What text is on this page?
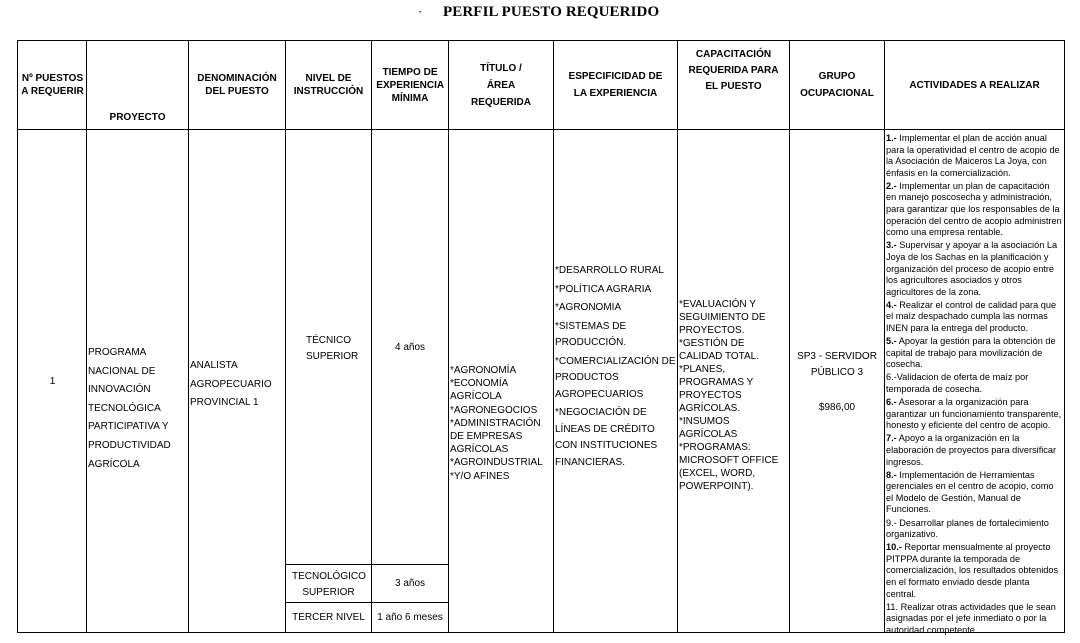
· PERFIL PUESTO REQUERIDO
Nº PUESTOS A REQUERIR
PROYECTO
DENOMINACIÓN DEL PUESTO
NIVEL DE INSTRUCCIÓN
TIEMPO DE EXPERIENCIA MÍNIMA
TÍTULO /
ÁREA
REQUERIDA
ESPECIFICIDAD DE LA EXPERIENCIA
CAPACITACIÓN REQUERIDA PARA EL PUESTO
GRUPO OCUPACIONAL
ACTIVIDADES A REALIZAR
1
PROGRAMA NACIONAL DE INNOVACIÓN TECNOLÓGICA PARTICIPATIVA Y PRODUCTIVIDAD AGRÍCOLA
ANALISTA AGROPECUARIO PROVINCIAL 1
TÉCNICO SUPERIOR
4 años
TECNOLÓGICO SUPERIOR
3 años
TERCER NIVEL	1 año 6 meses
*AGRONOMÍA
*ECONOMÍA AGRÍCOLA
*AGRONEGOCIOS
*ADMINISTRACIÓN DE EMPRESAS AGRÍCOLAS
*AGROINDUSTRIAL
*Y/O AFINES
*DESARROLLO RURAL
*POLÍTICA AGRARIA
*AGRONOMIA
*SISTEMAS DE PRODUCCIÓN.
*COMERCIALIZACIÓN DE PRODUCTOS AGROPECUARIOS
*NEGOCIACIÓN DE LÍNEAS DE CRÉDITO CON INSTITUCIONES FINANCIERAS.
*EVALUACIÓN Y SEGUIMIENTO DE PROYECTOS.
*GESTIÓN DE CALIDAD TOTAL.
*PLANES, PROGRAMAS Y PROYECTOS AGRÍCOLAS.
*INSUMOS AGRÍCOLAS
*PROGRAMAS: MICROSOFT OFFICE (EXCEL, WORD, POWERPOINT).
SP3 - SERVIDOR PÚBLICO 3
$986,00

1.- Implementar el plan de acción anual para la operatividad el centro de acopio de la Asociación de Maiceros La Joya, con énfasis en la comercialización.

2.- Implementar un plan de capacitación en manejo poscosecha y administración, para garantizar que los responsables de la operación del centro de acopio administren como una empresa rentable.

3.- Supervisar y apoyar a la asociación La Joya de los Sachas en la planificación y organización del proceso de acopio entre los agricultores asociados y otros agricultores de la zona.

4.- Realizar el control de calidad para que el maíz despachado cumpla las normas INEN para la entrega del producto.

5.- Apoyar la gestión para la obtención de capital de trabajo para movilización de cosecha.

6.-Validacion de oferta de maíz por temporada de cosecha.

6.- Asesorar a la organización para garantizar un funcionamiento transparente, honesto y eficiente del centro de acopio.

7.- Apoyo a la organización en la elaboración de proyectos para diversificar ingresos.

8.- Implementación de Herramientas gerenciales en el centro de acopio, como el Modelo de Gestión, Manual de Funciones.

9.- Desarrollar planes de fortalecimiento organizativo.

10.- Reportar mensualmente al proyecto PITPPA durante la temporada de comercialización, los resultados obtenidos en el formato enviado desde planta central.

11. Realizar otras actividades que le sean asignadas por el jefe inmediato o por la autoridad competente.
